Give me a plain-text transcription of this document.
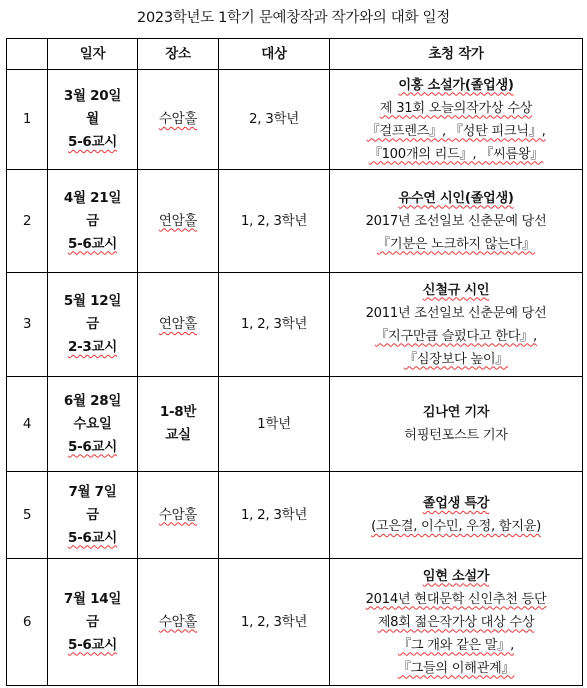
2023학년도 1학기 문예창작과 작가와의 대화 일정
	일자	장소	대상	초청 작가
1	3월 20일
월
5-6교시	수암홀	2, 3학년	이홍 소설가(졸업생)
제 31회 오늘의작가상 수상
『걸프렌즈』, 『성탄 피크닉』,
『100개의 리드』, 『씨름왕』

2	4월 21일
금
5-6교시	연암홀	1, 2, 3학년	유수연 시인(졸업생)
2017년 조선일보 신춘문예 당선
『기분은 노크하지 않는다』

3	5월 12일
금
2-3교시	연암홀	1, 2, 3학년	신철규 시인
2011년 조선일보 신춘문예 당선
『지구만큼 슬펐다고 한다』,
『심장보다 높이』

4	6월 28일
수요일
5-6교시	1-8반
교실	1학년	김나연 기자
허핑턴포스트 기자

5	7월 7일
금
5-6교시	수암홀	1, 2, 3학년	졸업생 특강
(고은결, 이수민, 우정, 함지윤)

6	7월 14일
금
5-6교시	수암홀	1, 2, 3학년	임현 소설가
2014년 현대문학 신인추천 등단
제8회 젊은작가상 대상 수상
『그 개와 같은 말』,
『그들의 이해관계』
